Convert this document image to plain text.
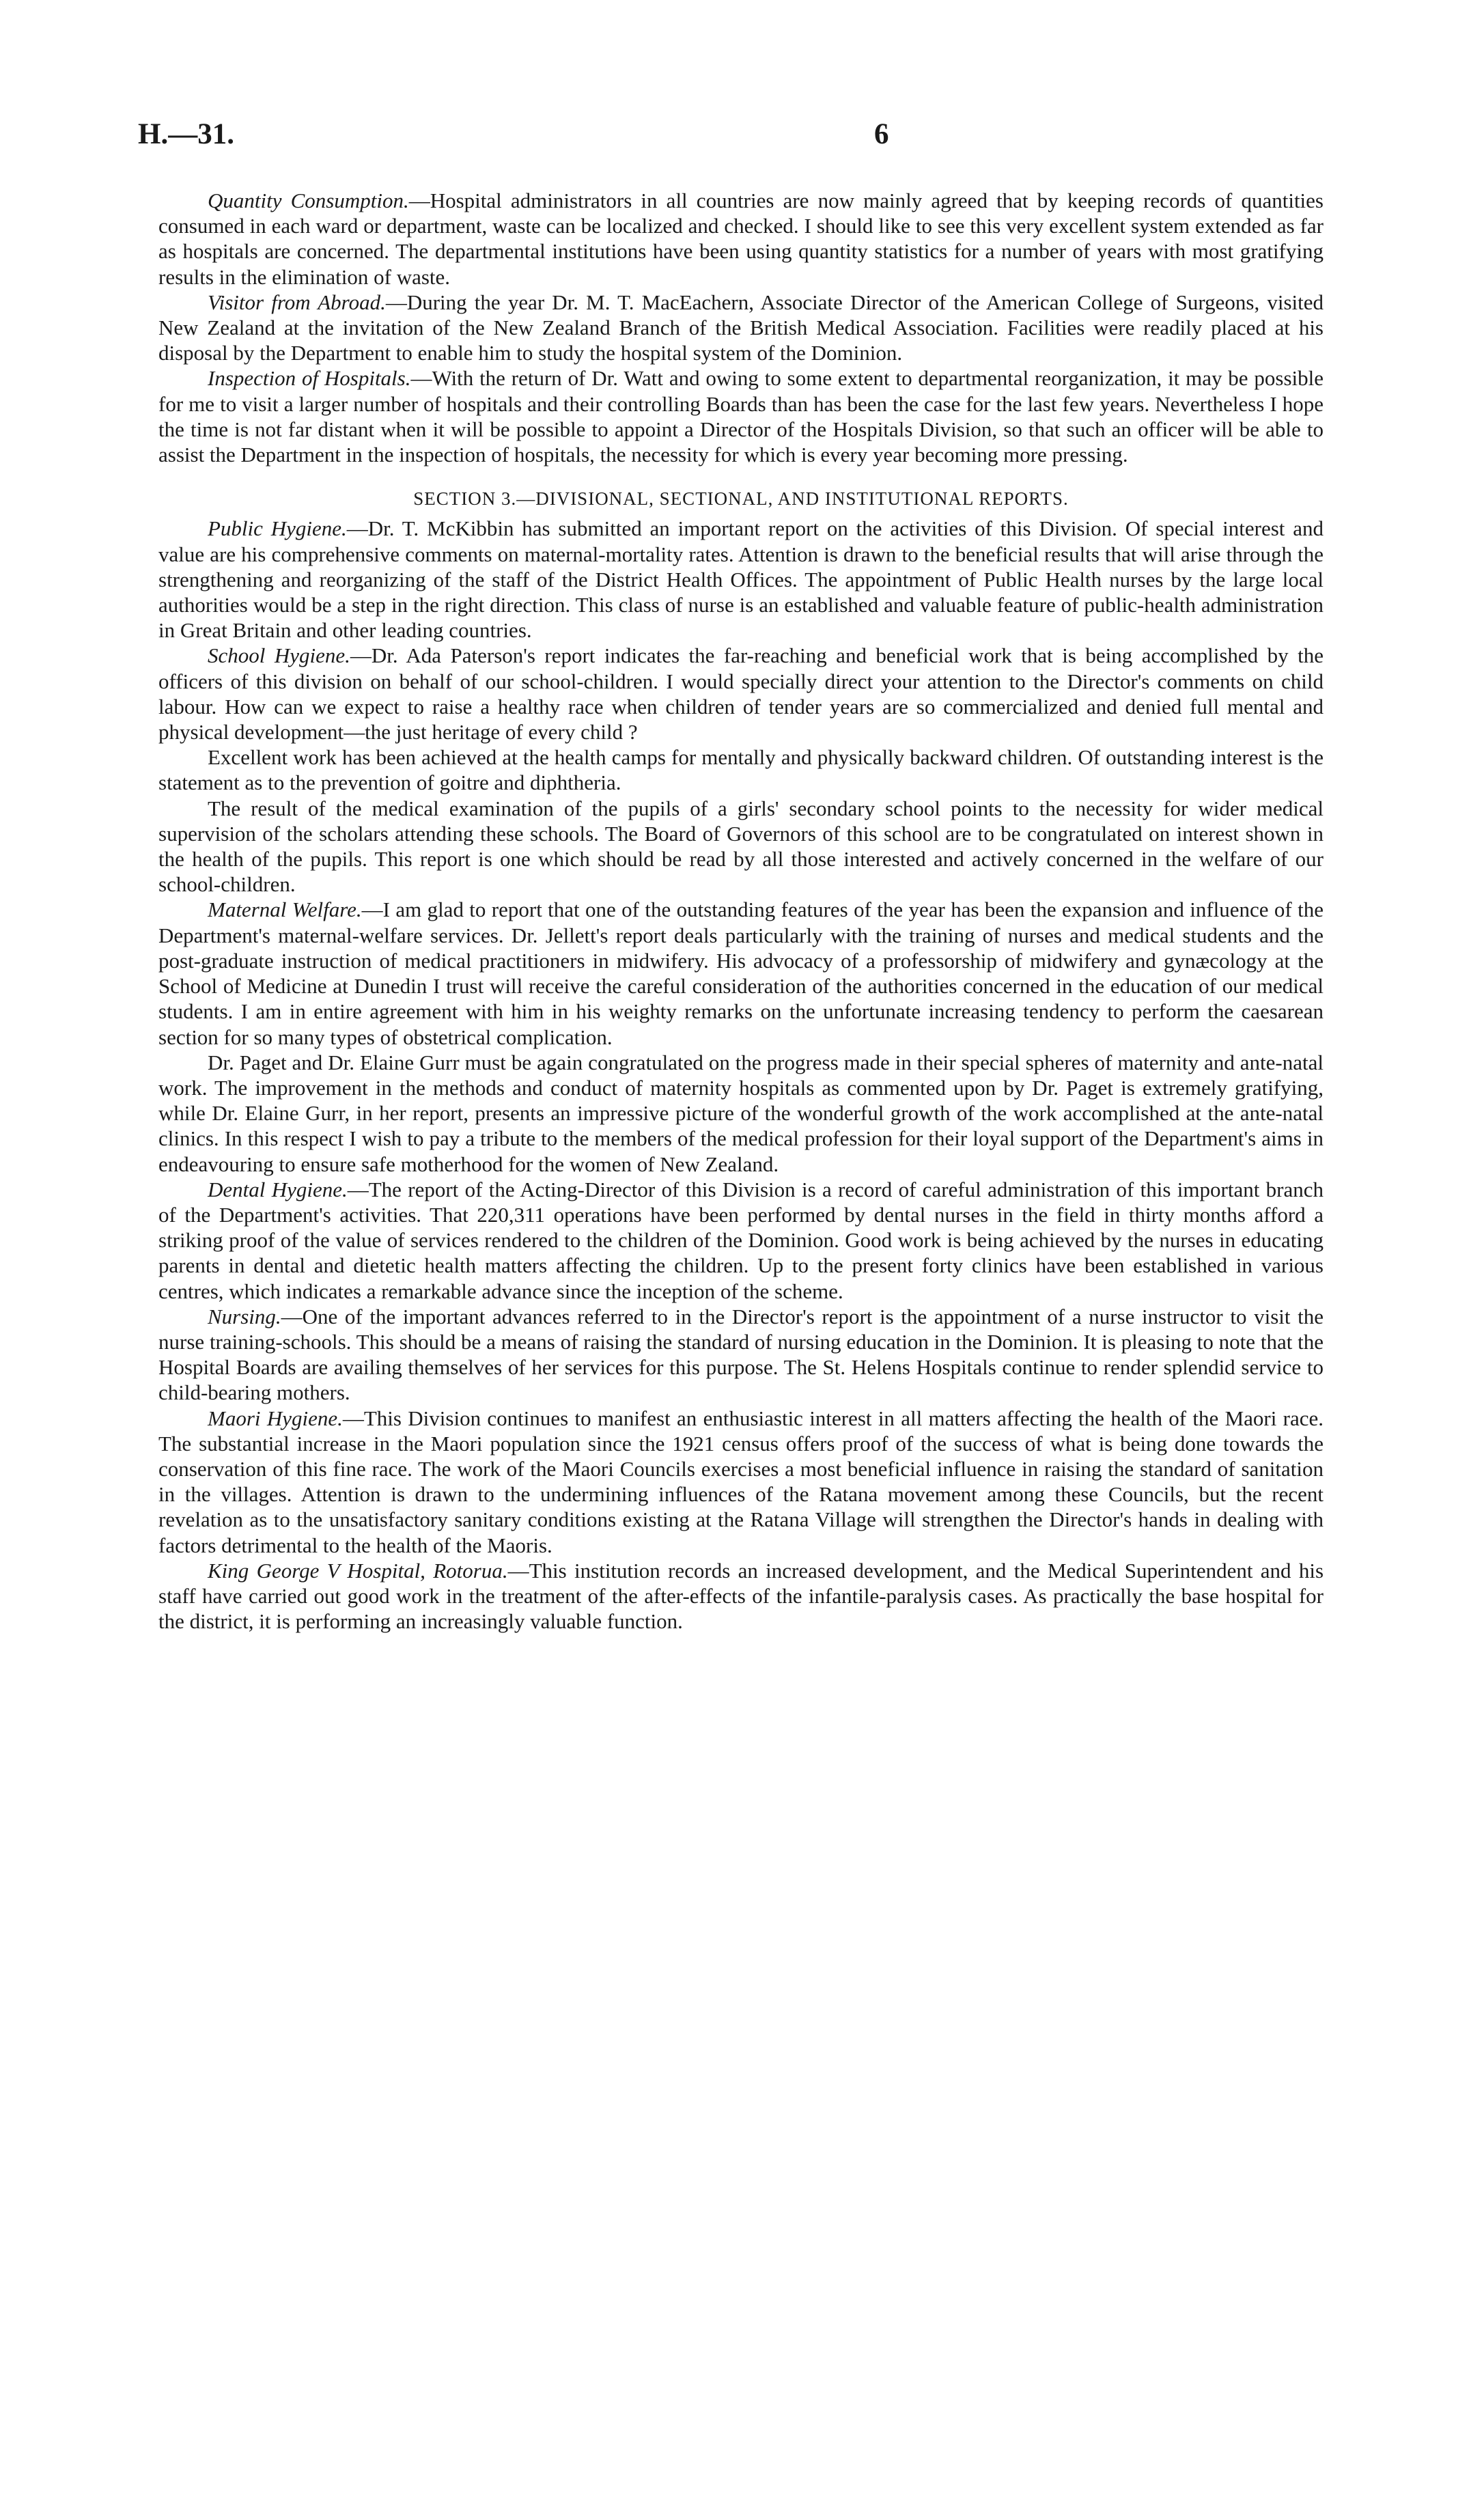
H.—31.	6

Quantity Consumption.—Hospital administrators in all countries are now mainly agreed that by keeping records of quantities consumed in each ward or department, waste can be localized and checked. I should like to see this very excellent system extended as far as hospitals are concerned. The departmental institutions have been using quantity statistics for a number of years with most gratifying results in the elimination of waste.

Visitor from Abroad.—During the year Dr. M. T. MacEachern, Associate Director of the American College of Surgeons, visited New Zealand at the invitation of the New Zealand Branch of the British Medical Association. Facilities were readily placed at his disposal by the Department to enable him to study the hospital system of the Dominion.

Inspection of Hospitals.—With the return of Dr. Watt and owing to some extent to departmental reorganization, it may be possible for me to visit a larger number of hospitals and their controlling Boards than has been the case for the last few years. Nevertheless I hope the time is not far distant when it will be possible to appoint a Director of the Hospitals Division, so that such an officer will be able to assist the Department in the inspection of hospitals, the necessity for which is every year becoming more pressing.

SECTION 3.—DIVISIONAL, SECTIONAL, AND INSTITUTIONAL REPORTS.

Public Hygiene.—Dr. T. McKibbin has submitted an important report on the activities of this Division. Of special interest and value are his comprehensive comments on maternal-mortality rates. Attention is drawn to the beneficial results that will arise through the strengthening and reorganizing of the staff of the District Health Offices. The appointment of Public Health nurses by the large local authorities would be a step in the right direction. This class of nurse is an established and valuable feature of public-health administration in Great Britain and other leading countries.

School Hygiene.—Dr. Ada Paterson's report indicates the far-reaching and beneficial work that is being accomplished by the officers of this division on behalf of our school-children. I would specially direct your attention to the Director's comments on child labour. How can we expect to raise a healthy race when children of tender years are so commercialized and denied full mental and physical development—the just heritage of every child ?

Excellent work has been achieved at the health camps for mentally and physically backward children. Of outstanding interest is the statement as to the prevention of goitre and diphtheria.

The result of the medical examination of the pupils of a girls' secondary school points to the necessity for wider medical supervision of the scholars attending these schools. The Board of Governors of this school are to be congratulated on interest shown in the health of the pupils. This report is one which should be read by all those interested and actively concerned in the welfare of our school-children.

Maternal Welfare.—I am glad to report that one of the outstanding features of the year has been the expansion and influence of the Department's maternal-welfare services. Dr. Jellett's report deals particularly with the training of nurses and medical students and the post-graduate instruction of medical practitioners in midwifery. His advocacy of a professorship of midwifery and gynæcology at the School of Medicine at Dunedin I trust will receive the careful consideration of the authorities concerned in the education of our medical students. I am in entire agreement with him in his weighty remarks on the unfortunate increasing tendency to perform the caesarean section for so many types of obstetrical complication.

Dr. Paget and Dr. Elaine Gurr must be again congratulated on the progress made in their special spheres of maternity and ante-natal work. The improvement in the methods and conduct of maternity hospitals as commented upon by Dr. Paget is extremely gratifying, while Dr. Elaine Gurr, in her report, presents an impressive picture of the wonderful growth of the work accomplished at the ante-natal clinics. In this respect I wish to pay a tribute to the members of the medical profession for their loyal support of the Department's aims in endeavouring to ensure safe motherhood for the women of New Zealand.

Dental Hygiene.—The report of the Acting-Director of this Division is a record of careful administration of this important branch of the Department's activities. That 220,311 operations have been performed by dental nurses in the field in thirty months afford a striking proof of the value of services rendered to the children of the Dominion. Good work is being achieved by the nurses in educating parents in dental and dietetic health matters affecting the children. Up to the present forty clinics have been established in various centres, which indicates a remarkable advance since the inception of the scheme.

Nursing.—One of the important advances referred to in the Director's report is the appointment of a nurse instructor to visit the nurse training-schools. This should be a means of raising the standard of nursing education in the Dominion. It is pleasing to note that the Hospital Boards are availing themselves of her services for this purpose. The St. Helens Hospitals continue to render splendid service to child-bearing mothers.

Maori Hygiene.—This Division continues to manifest an enthusiastic interest in all matters affecting the health of the Maori race. The substantial increase in the Maori population since the 1921 census offers proof of the success of what is being done towards the conservation of this fine race. The work of the Maori Councils exercises a most beneficial influence in raising the standard of sanitation in the villages. Attention is drawn to the undermining influences of the Ratana movement among these Councils, but the recent revelation as to the unsatisfactory sanitary conditions existing at the Ratana Village will strengthen the Director's hands in dealing with factors detrimental to the health of the Maoris.

King George V Hospital, Rotorua.—This institution records an increased development, and the Medical Superintendent and his staff have carried out good work in the treatment of the after-effects of the infantile-paralysis cases. As practically the base hospital for the district, it is performing an increasingly valuable function.
